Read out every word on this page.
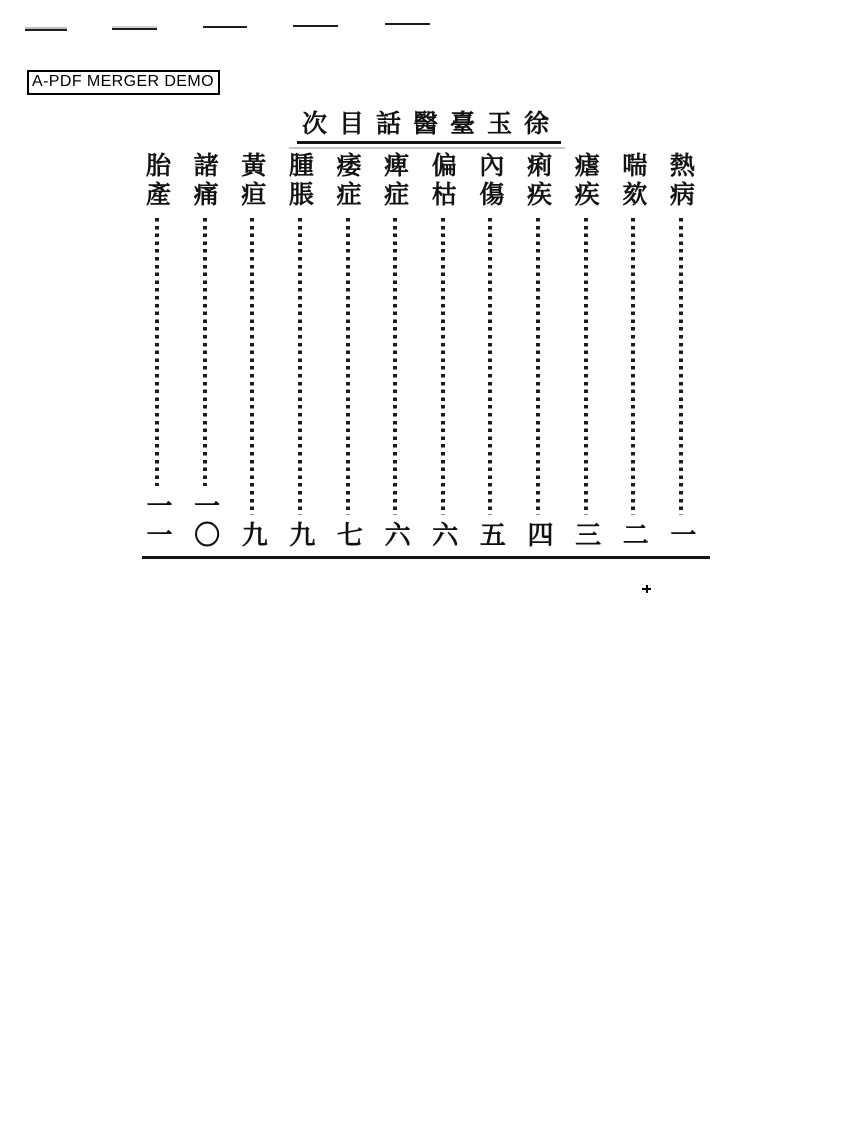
A-PDF MERGER DEMO
次目話醫臺玉徐
熱病
一
喘欬
二
瘧疾
三
痢疾
四
內傷
五
偏枯
六
痺症
六
痿症
七
腫脹
九
黃疸
九
諸痛
一〇
胎產
一一
